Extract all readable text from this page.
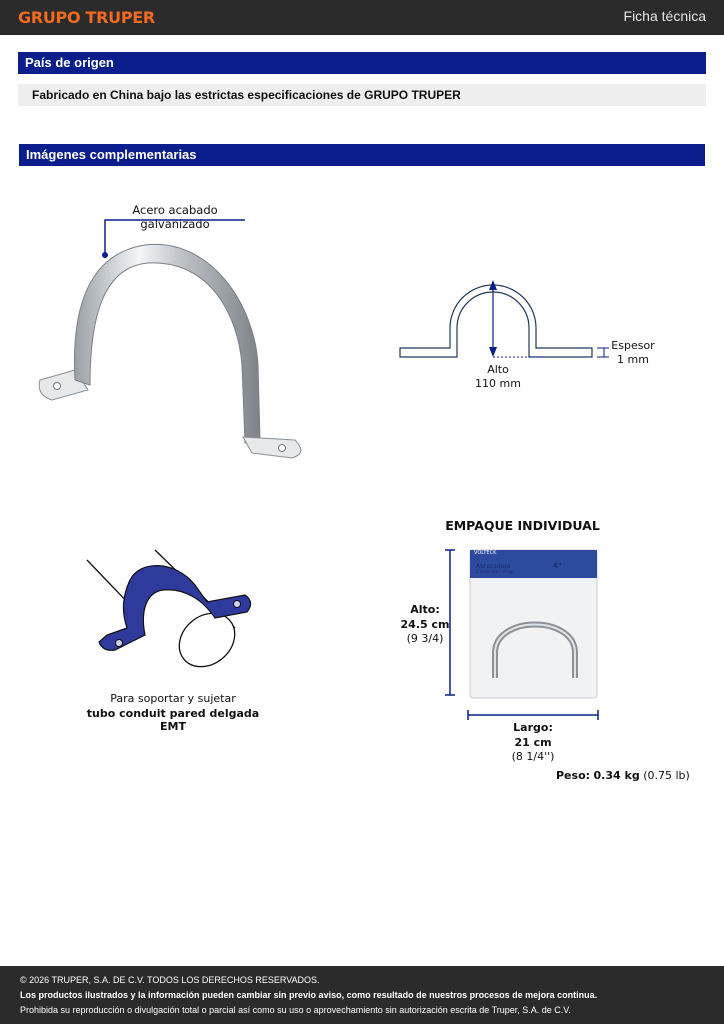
GRUPO TRUPER	Ficha técnica
País de origen
Fabricado en China bajo las estrictas especificaciones de GRUPO TRUPER
Imágenes complementarias
Acero acabado galvanizado
Alto
110 mm
Espesor
1 mm
Para soportar y sujetar
tubo conduit pared delgada EMT
EMPAQUE INDIVIDUAL
VOLTECK
Abrazadera
2 hole pipe strap
4"
Alto:
24.5 cm
(9 3/4)
Largo:
21 cm
(8 1/4'')
Peso: 0.34 kg (0.75 lb)
© 2026 TRUPER, S.A. DE C.V. TODOS LOS DERECHOS RESERVADOS.
Los productos ilustrados y la información pueden cambiar sin previo aviso, como resultado de nuestros procesos de mejora continua.
Prohibida su reproducción o divulgación total o parcial así como su uso o aprovechamiento sin autorización escrita de Truper, S.A. de C.V.
